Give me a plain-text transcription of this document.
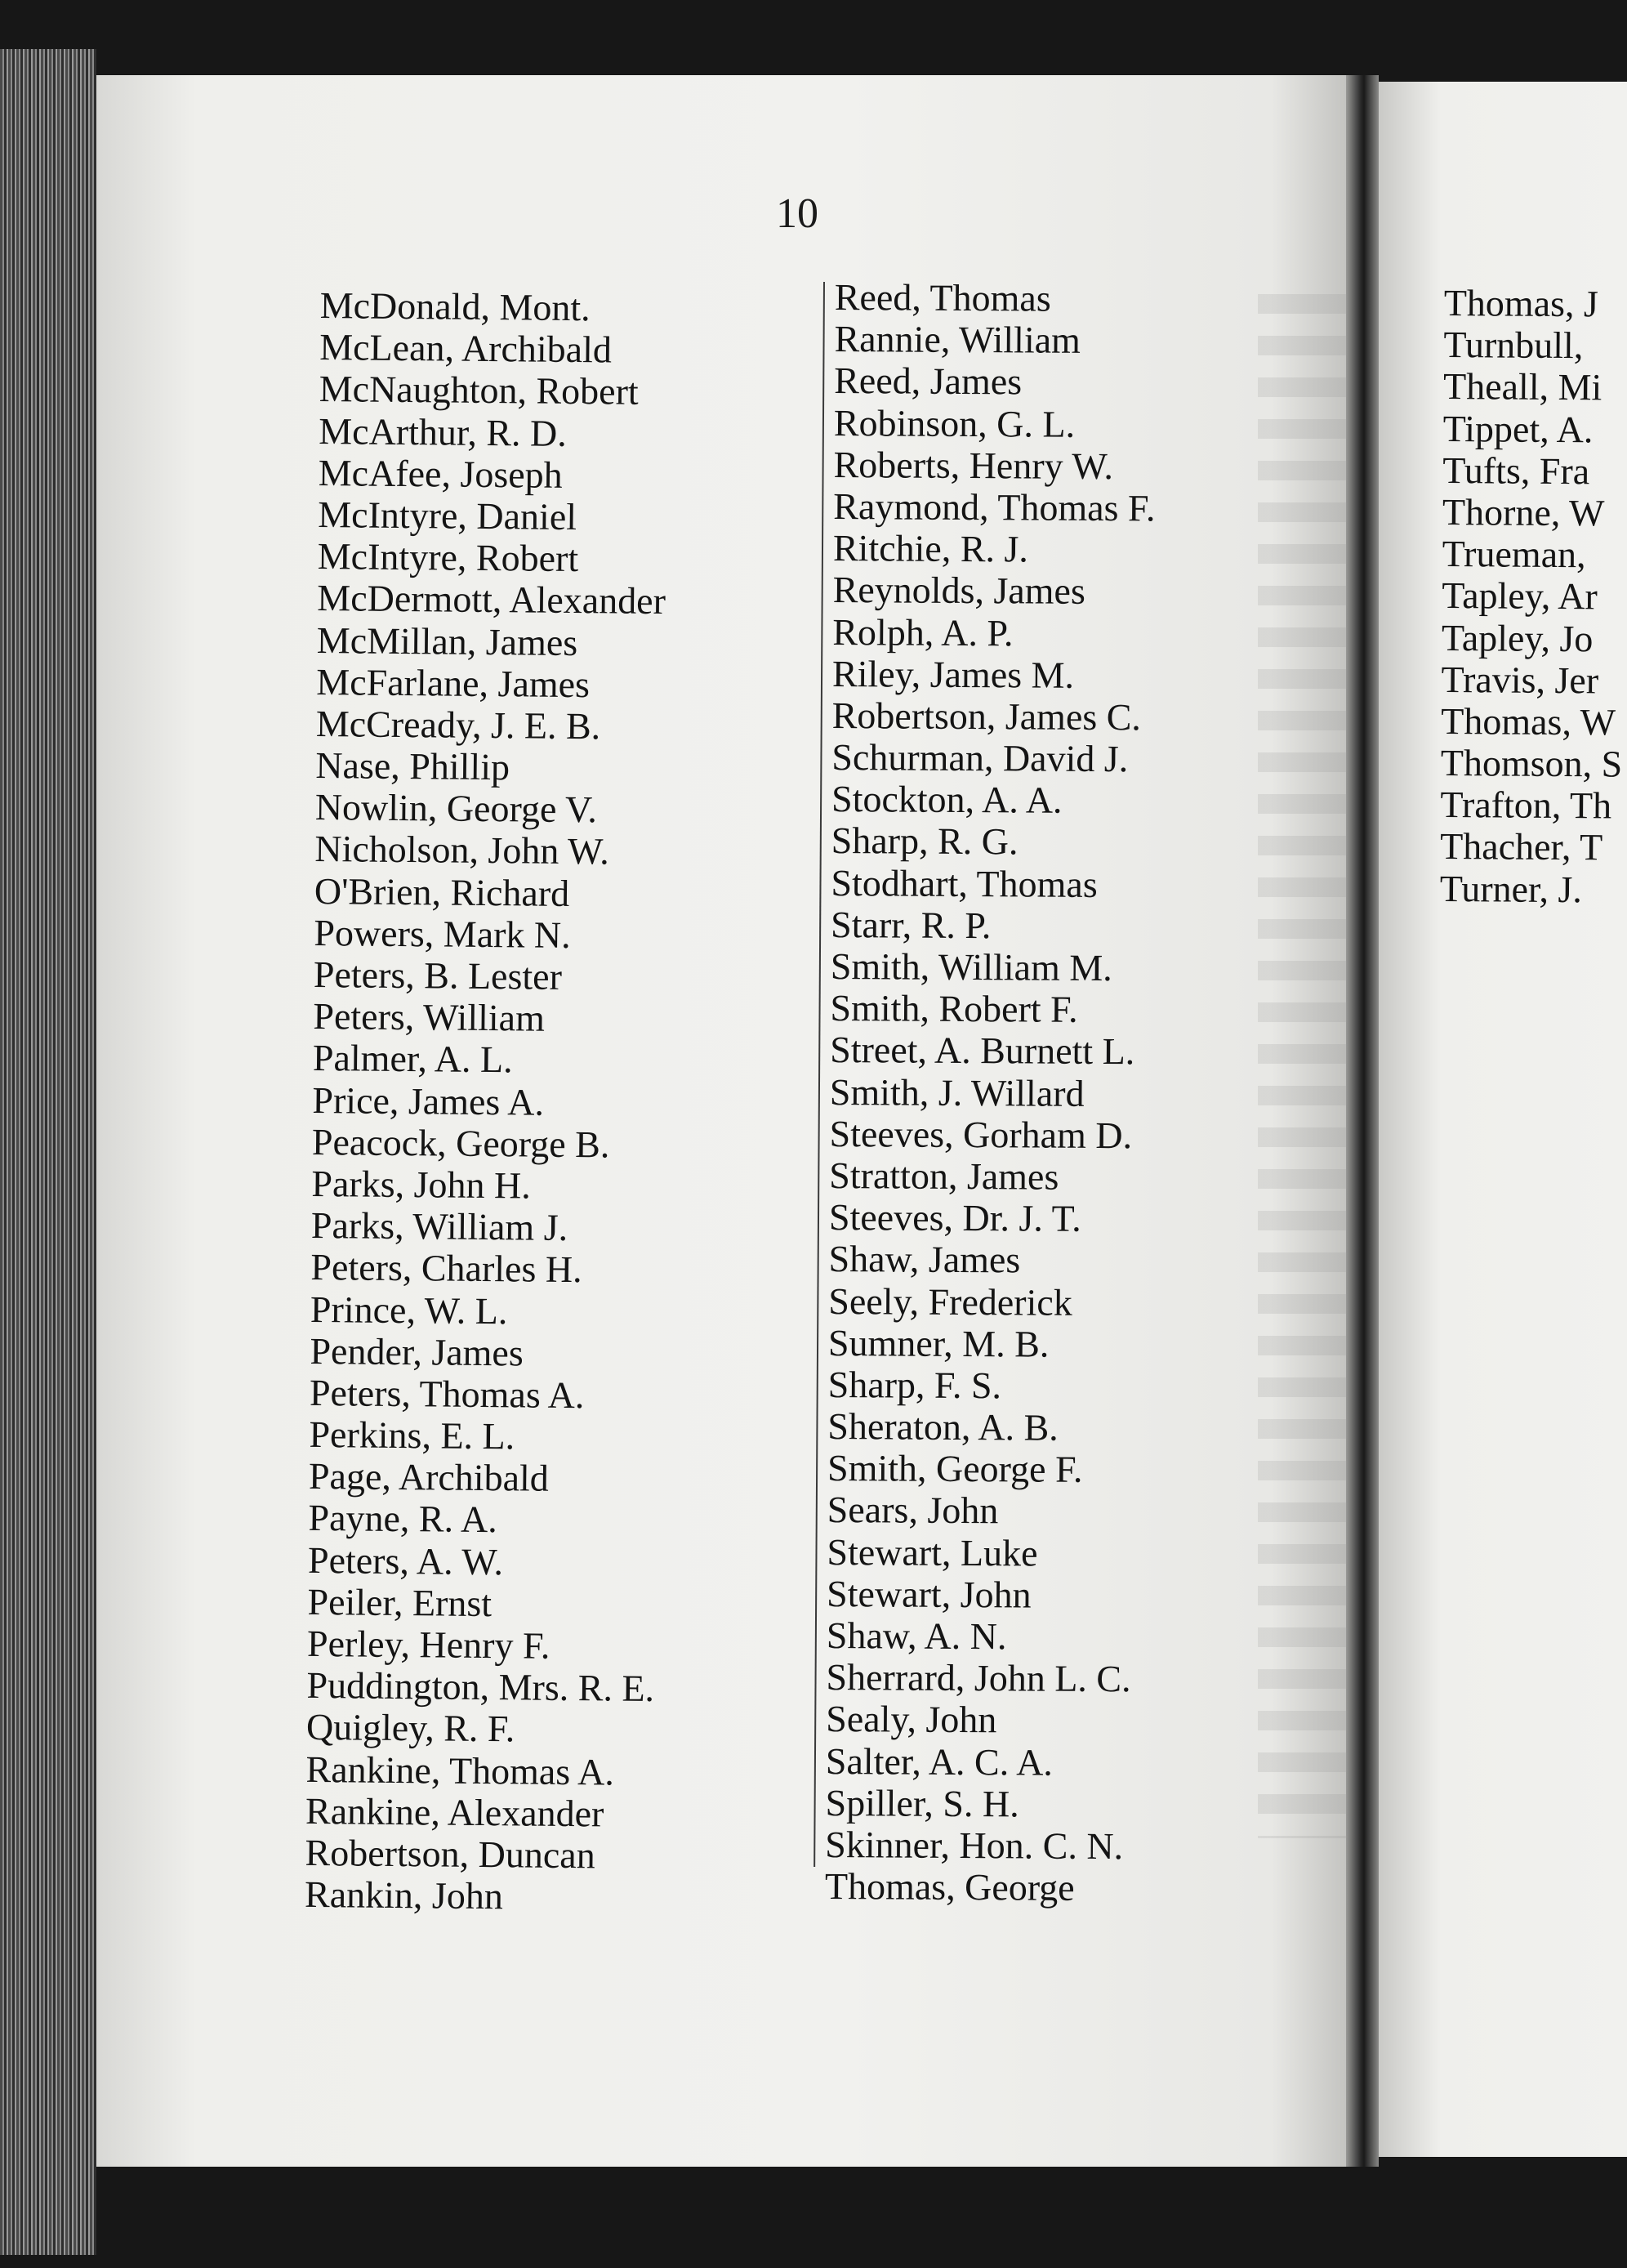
10
McDonald, Mont.
McLean, Archibald
McNaughton, Robert
McArthur, R. D.
McAfee, Joseph
McIntyre, Daniel
McIntyre, Robert
McDermott, Alexander
McMillan, James
McFarlane, James
McCready, J. E. B.
Nase, Phillip
Nowlin, George V.
Nicholson, John W.
O'Brien, Richard
Powers, Mark N.
Peters, B. Lester
Peters, William
Palmer, A. L.
Price, James A.
Peacock, George B.
Parks, John H.
Parks, William J.
Peters, Charles H.
Prince, W. L.
Pender, James
Peters, Thomas A.
Perkins, E. L.
Page, Archibald
Payne, R. A.
Peters, A. W.
Peiler, Ernst
Perley, Henry F.
Puddington, Mrs. R. E.
Quigley, R. F.
Rankine, Thomas A.
Rankine, Alexander
Robertson, Duncan
Rankin, John
Reed, Thomas
Rannie, William
Reed, James
Robinson, G. L.
Roberts, Henry W.
Raymond, Thomas F.
Ritchie, R. J.
Reynolds, James
Rolph, A. P.
Riley, James M.
Robertson, James C.
Schurman, David J.
Stockton, A. A.
Sharp, R. G.
Stodhart, Thomas
Starr, R. P.
Smith, William M.
Smith, Robert F.
Street, A. Burnett L.
Smith, J. Willard
Steeves, Gorham D.
Stratton, James
Steeves, Dr. J. T.
Shaw, James
Seely, Frederick
Sumner, M. B.
Sharp, F. S.
Sheraton, A. B.
Smith, George F.
Sears, John
Stewart, Luke
Stewart, John
Shaw, A. N.
Sherrard, John L. C.
Sealy, John
Salter, A. C. A.
Spiller, S. H.
Skinner, Hon. C. N.
Thomas, George
Thomas, J
Turnbull,
Theall, Mi
Tippet, A.
Tufts, Fra
Thorne, W
Trueman,
Tapley, Ar
Tapley, Jo
Travis, Jer
Thomas, W
Thomson, S
Trafton, Th
Thacher, T
Turner, J.
